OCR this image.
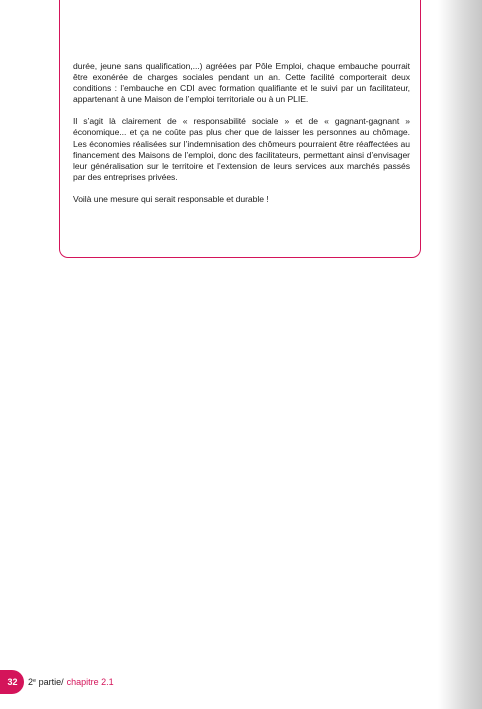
durée, jeune sans qualification,...) agréées par Pôle Emploi, chaque embauche pourrait être exonérée de charges sociales pendant un an. Cette facilité comporterait deux conditions : l’embauche en CDI avec formation qualifiante et le suivi par un facilitateur, appartenant à une Maison de l’emploi territoriale ou à un PLIE.

Il s’agit là clairement de « responsabilité sociale » et de « gagnant-gagnant » économique... et ça ne coûte pas plus cher que de laisser les personnes au chômage. Les économies réalisées sur l’indemnisation des chômeurs pourraient être réaffectées au financement des Maisons de l’emploi, donc des facilitateurs, permettant ainsi d’envisager leur généralisation sur le territoire et l’extension de leurs services aux marchés passés par des entreprises privées.

Voilà une mesure qui serait responsable et durable !

32 2e partie/ chapitre 2.1
